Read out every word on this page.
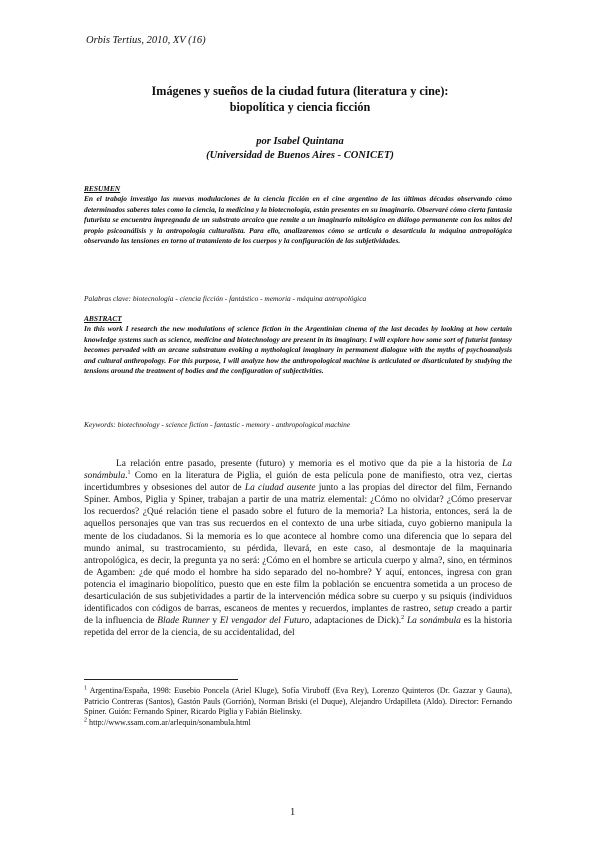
Orbis Tertius, 2010, XV (16)
Imágenes y sueños de la ciudad futura (literatura y cine):
biopolítica y ciencia ficción
por Isabel Quintana
(Universidad de Buenos Aires - CONICET)
RESUMEN
En el trabajo investigo las nuevas modulaciones de la ciencia ficción en el cine argentino de las últimas décadas observando cómo determinados saberes tales como la ciencia, la medicina y la biotecnología, están presentes en su imaginario. Observaré cómo cierta fantasía futurista se encuentra impregnada de un substrato arcaico que remite a un imaginario mitológico en diálogo permanente con los mitos del propio psicoanálisis y la antropología culturalista. Para ello, analizaremos cómo se articula o desarticula la máquina antropológica observando las tensiones en torno al tratamiento de los cuerpos y la configuración de las subjetividades.
Palabras clave: biotecnología - ciencia ficción - fantástico - memoria - máquina antropológica
ABSTRACT
In this work I research the new modulations of science fiction in the Argentinian cinema of the last decades by looking at how certain knowledge systems such as science, medicine and biotechnology are present in its imaginary. I will explore how some sort of futurist fantasy becomes pervaded with an arcane substratum evoking a mythological imaginary in permanent dialogue with the myths of psychoanalysis and cultural anthropology. For this purpose, I will analyze how the anthropological machine is articulated or disarticulated by studying the tensions around the treatment of bodies and the configuration of subjectivities.
Keywords: biotechnology - science fiction - fantastic - memory - anthropological machine

La relación entre pasado, presente (futuro) y memoria es el motivo que da pie a la historia de La sonámbula.$^1$ Como en la literatura de Piglia, el guión de esta película pone de manifiesto, otra vez, ciertas incertidumbres y obsesiones del autor de La ciudad ausente junto a las propias del director del film, Fernando Spiner. Ambos, Piglia y Spiner, trabajan a partir de una matriz elemental: ¿Cómo no olvidar? ¿Cómo preservar los recuerdos? ¿Qué relación tiene el pasado sobre el futuro de la memoria? La historia, entonces, será la de aquellos personajes que van tras sus recuerdos en el contexto de una urbe sitiada, cuyo gobierno manipula la mente de los ciudadanos. Si la memoria es lo que acontece al hombre como una diferencia que lo separa del mundo animal, su trastrocamiento, su pérdida, llevará, en este caso, al desmontaje de la maquinaria antropológica, es decir, la pregunta ya no será: ¿Cómo en el hombre se articula cuerpo y alma?, sino, en términos de Agamben: ¿de qué modo el hombre ha sido separado del no-hombre? Y aquí, entonces, ingresa con gran potencia el imaginario biopolítico, puesto que en este film la población se encuentra sometida a un proceso de desarticulación de sus subjetividades a partir de la intervención médica sobre su cuerpo y su psiquis (individuos identificados con códigos de barras, escaneos de mentes y recuerdos, implantes de rastreo, setup creado a partir de la influencia de Blade Runner y El vengador del Futuro, adaptaciones de Dick).$^2$ La sonámbula es la historia repetida del error de la ciencia, de su accidentalidad, del

$^1$ Argentina/España, 1998: Eusebio Poncela (Ariel Kluge), Sofía Viruboff (Eva Rey), Lorenzo Quinteros (Dr. Gazzar y Gauna), Patricio Contreras (Santos), Gastón Pauls (Gorrión), Norman Briski (el Duque), Alejandro Urdapilleta (Aldo). Director: Fernando Spiner. Guión: Fernando Spiner, Ricardo Piglia y Fabián Bielinsky.

$^2$ http://www.ssam.com.ar/arlequin/sonambula.html

1
